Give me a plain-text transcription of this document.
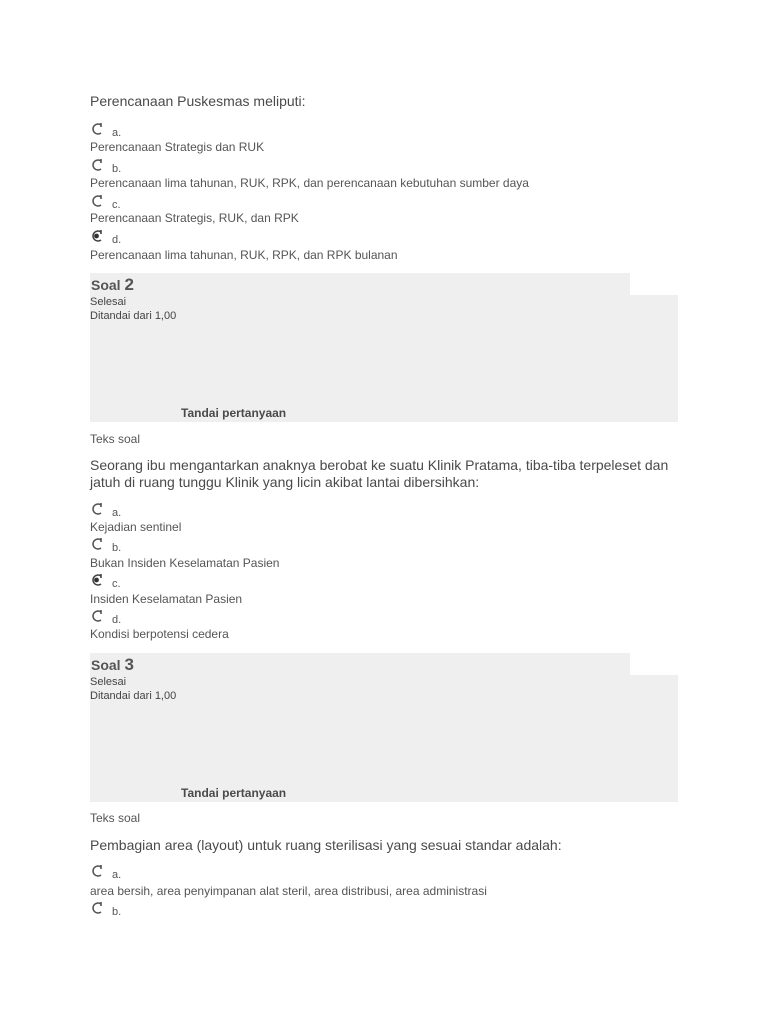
Perencanaan Puskesmas meliputi:
a.
Perencanaan Strategis dan RUK
b.
Perencanaan lima tahunan, RUK, RPK, dan perencanaan kebutuhan sumber daya
c.
Perencanaan Strategis, RUK, dan RPK
d.
Perencanaan lima tahunan, RUK, RPK, dan RPK bulanan
Soal 2
Selesai
Ditandai dari 1,00
Tandai pertanyaan
Teks soal
Seorang ibu mengantarkan anaknya berobat ke suatu Klinik Pratama, tiba-tiba terpeleset dan jatuh di ruang tunggu Klinik yang licin akibat lantai dibersihkan:
a.
Kejadian sentinel
b.
Bukan Insiden Keselamatan Pasien
c.
Insiden Keselamatan Pasien
d.
Kondisi berpotensi cedera
Soal 3
Selesai
Ditandai dari 1,00
Tandai pertanyaan
Teks soal
Pembagian area (layout) untuk ruang sterilisasi yang sesuai standar adalah:
a.
area bersih, area penyimpanan alat steril, area distribusi, area administrasi
b.
